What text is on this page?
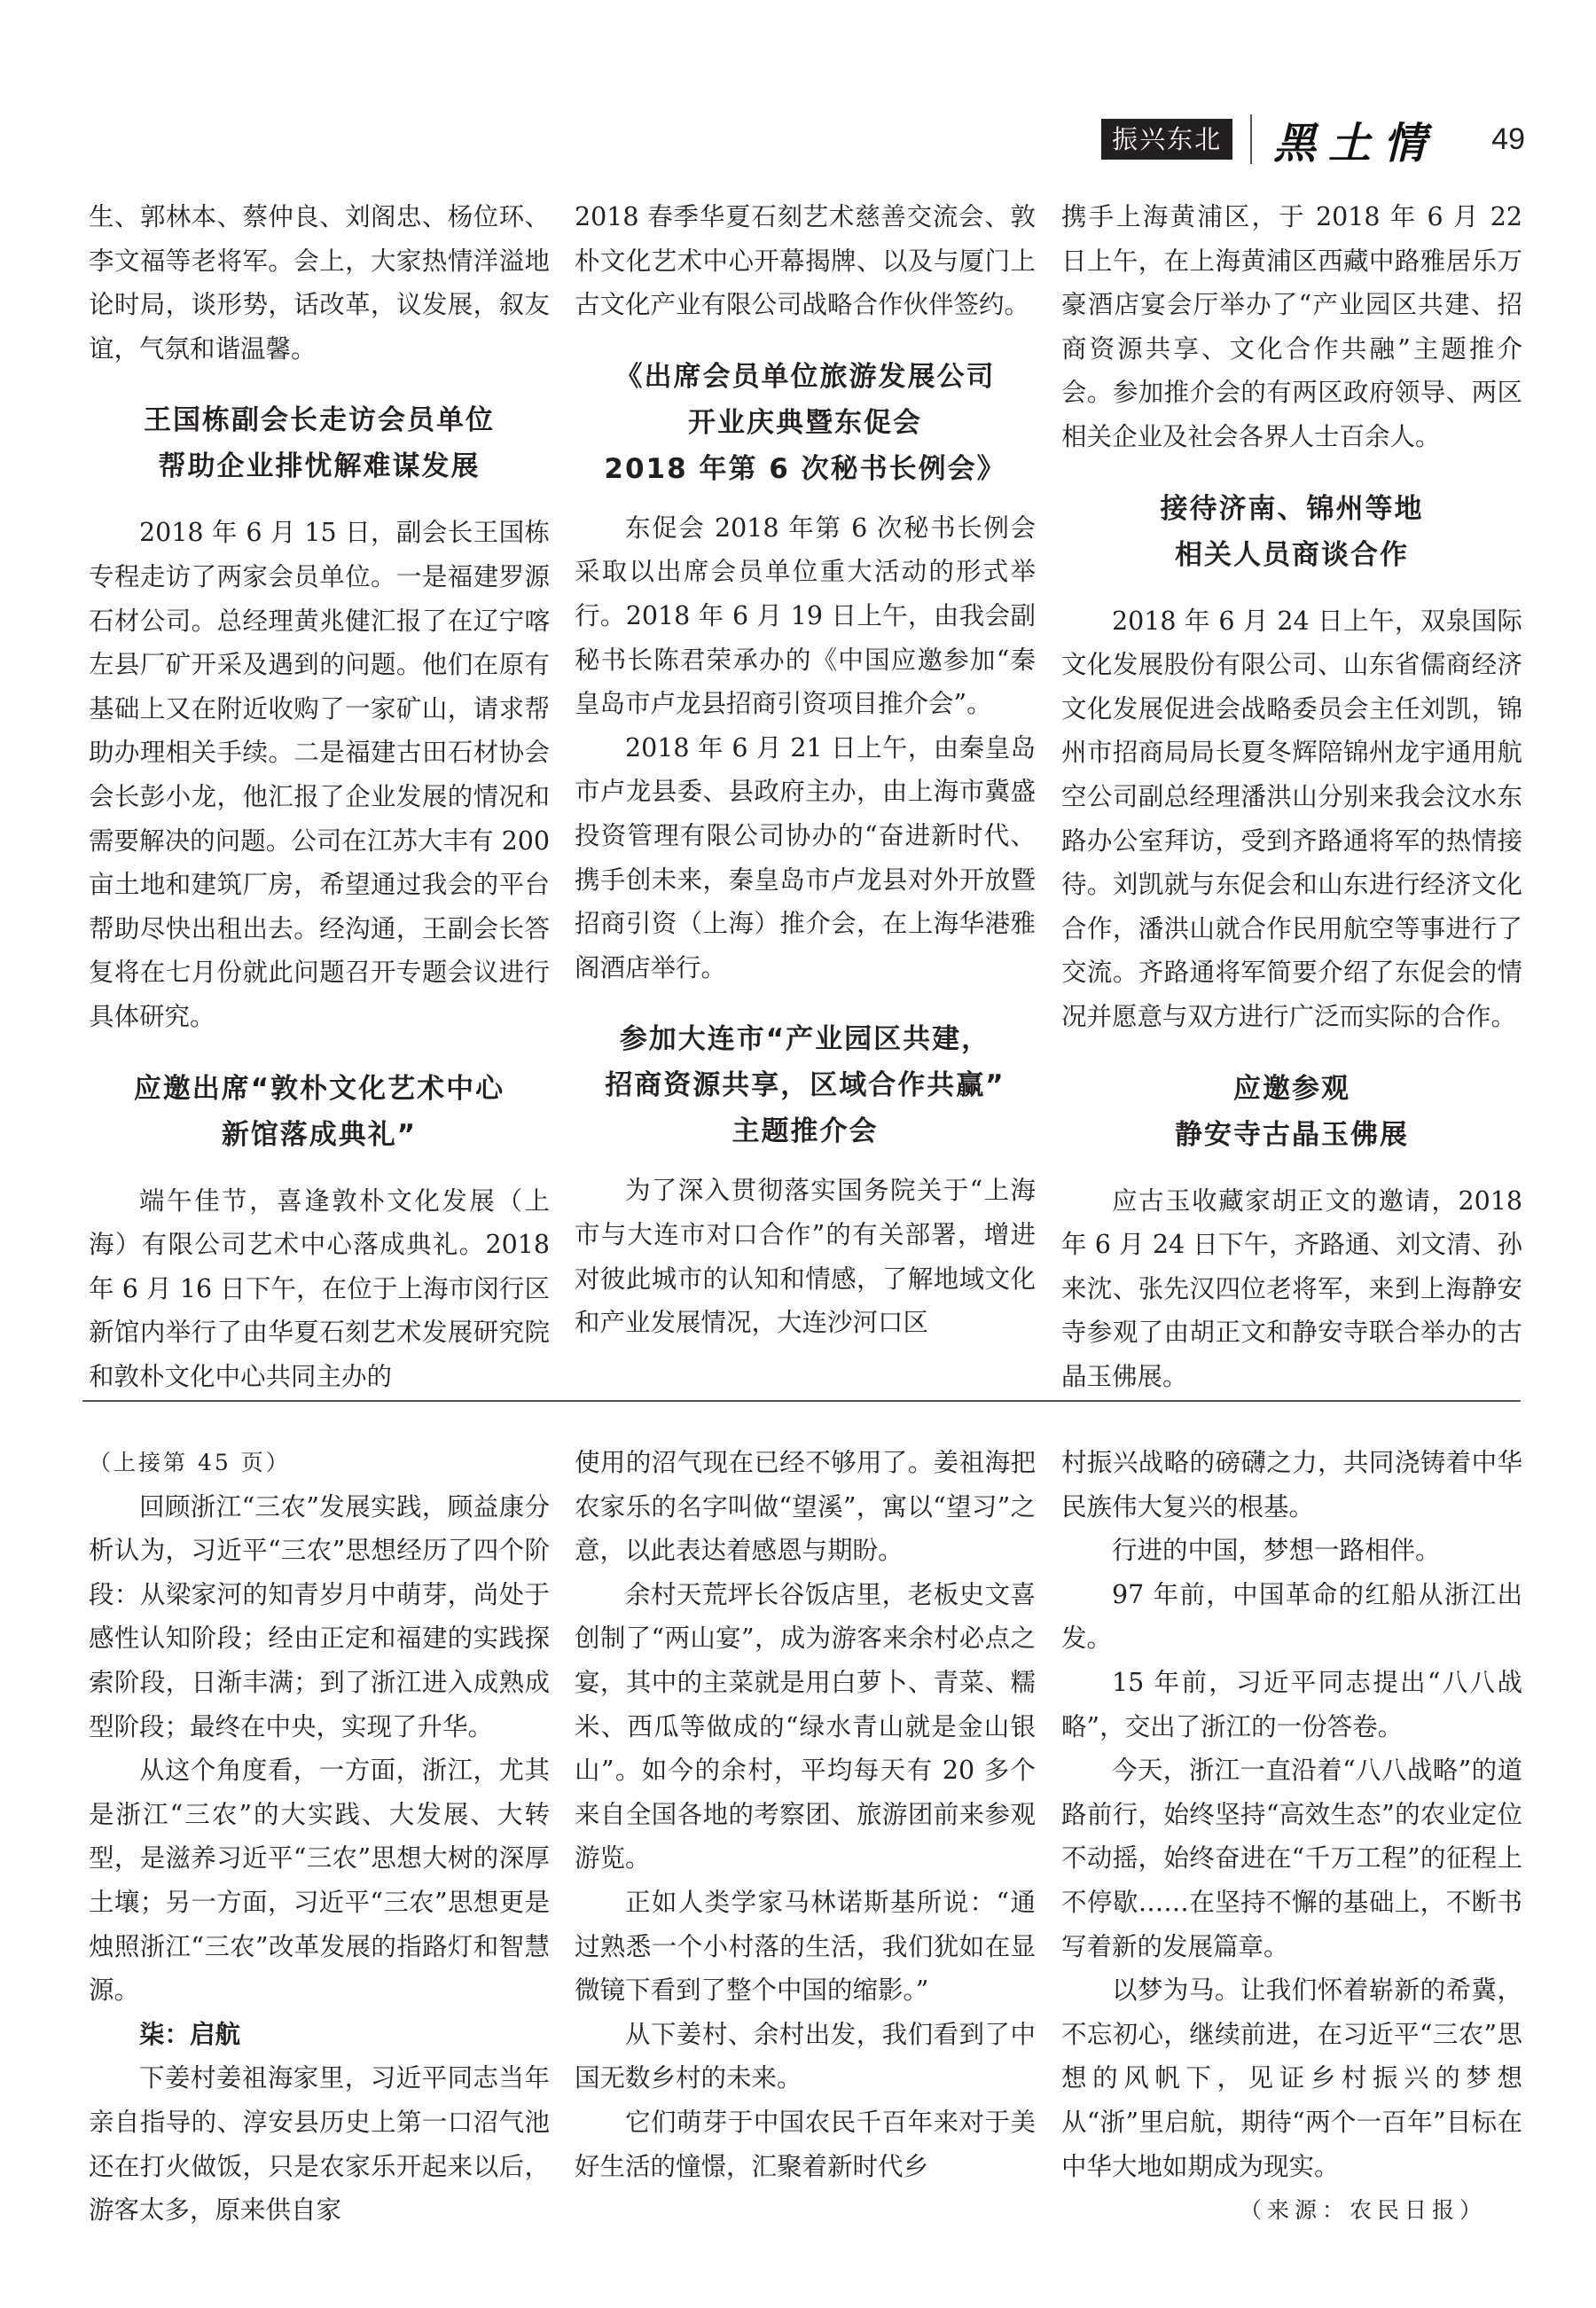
振兴东北 黑土情 49

生、郭林本、蔡仲良、刘阁忠、杨位环、李文福等老将军。会上，大家热情洋溢地论时局，谈形势，话改革，议发展，叙友谊，气氛和谐温馨。

王国栋副会长走访会员单位

帮助企业排忧解难谋发展

2018 年 6 月 15 日，副会长王国栋专程走访了两家会员单位。一是福建罗源石材公司。总经理黄兆健汇报了在辽宁喀左县厂矿开采及遇到的问题。他们在原有基础上又在附近收购了一家矿山，请求帮助办理相关手续。二是福建古田石材协会会长彭小龙，他汇报了企业发展的情况和需要解决的问题。公司在江苏大丰有 200 亩土地和建筑厂房，希望通过我会的平台帮助尽快出租出去。经沟通，王副会长答复将在七月份就此问题召开专题会议进行具体研究。

应邀出席“敦朴文化艺术中心

新馆落成典礼”

端午佳节，喜逢敦朴文化发展（上海）有限公司艺术中心落成典礼。2018 年 6 月 16 日下午，在位于上海市闵行区新馆内举行了由华夏石刻艺术发展研究院和敦朴文化中心共同主办的

2018 春季华夏石刻艺术慈善交流会、敦朴文化艺术中心开幕揭牌、以及与厦门上古文化产业有限公司战略合作伙伴签约。

《出席会员单位旅游发展公司

开业庆典暨东促会

2018 年第 6 次秘书长例会》

东促会 2018 年第 6 次秘书长例会采取以出席会员单位重大活动的形式举行。2018 年 6 月 19 日上午，由我会副秘书长陈君荣承办的《中国应邀参加“秦皇岛市卢龙县招商引资项目推介会”。

2018 年 6 月 21 日上午，由秦皇岛市卢龙县委、县政府主办，由上海市冀盛投资管理有限公司协办的“奋进新时代、携手创未来，秦皇岛市卢龙县对外开放暨招商引资（上海）推介会，在上海华港雅阁酒店举行。

参加大连市“产业园区共建，

招商资源共享，区域合作共赢”

主题推介会

为了深入贯彻落实国务院关于“上海市与大连市对口合作”的有关部署，增进对彼此城市的认知和情感，了解地域文化和产业发展情况，大连沙河口区

携手上海黄浦区，于 2018 年 6 月 22 日上午，在上海黄浦区西藏中路雅居乐万豪酒店宴会厅举办了“产业园区共建、招商资源共享、文化合作共融”主题推介会。参加推介会的有两区政府领导、两区相关企业及社会各界人士百余人。

接待济南、锦州等地

相关人员商谈合作

2018 年 6 月 24 日上午，双泉国际文化发展股份有限公司、山东省儒商经济文化发展促进会战略委员会主任刘凯，锦州市招商局局长夏冬辉陪锦州龙宇通用航空公司副总经理潘洪山分别来我会汶水东路办公室拜访，受到齐路通将军的热情接待。刘凯就与东促会和山东进行经济文化合作，潘洪山就合作民用航空等事进行了交流。齐路通将军简要介绍了东促会的情况并愿意与双方进行广泛而实际的合作。

应邀参观

静安寺古晶玉佛展

应古玉收藏家胡正文的邀请，2018 年 6 月 24 日下午，齐路通、刘文清、孙来沈、张先汉四位老将军，来到上海静安寺参观了由胡正文和静安寺联合举办的古晶玉佛展。

（上接第 45 页）

回顾浙江“三农”发展实践，顾益康分析认为，习近平“三农”思想经历了四个阶段：从梁家河的知青岁月中萌芽，尚处于感性认知阶段；经由正定和福建的实践探索阶段，日渐丰满；到了浙江进入成熟成型阶段；最终在中央，实现了升华。

从这个角度看，一方面，浙江，尤其是浙江“三农”的大实践、大发展、大转型，是滋养习近平“三农”思想大树的深厚土壤；另一方面，习近平“三农”思想更是烛照浙江“三农”改革发展的指路灯和智慧源。

柒：启航

下姜村姜祖海家里，习近平同志当年亲自指导的、淳安县历史上第一口沼气池还在打火做饭，只是农家乐开起来以后，游客太多，原来供自家

使用的沼气现在已经不够用了。姜祖海把农家乐的名字叫做“望溪”，寓以“望习”之意，以此表达着感恩与期盼。

余村天荒坪长谷饭店里，老板史文喜创制了“两山宴”，成为游客来余村必点之宴，其中的主菜就是用白萝卜、青菜、糯米、西瓜等做成的“绿水青山就是金山银山”。如今的余村，平均每天有 20 多个来自全国各地的考察团、旅游团前来参观游览。

正如人类学家马林诺斯基所说：“通过熟悉一个小村落的生活，我们犹如在显微镜下看到了整个中国的缩影。”

从下姜村、余村出发，我们看到了中国无数乡村的未来。

它们萌芽于中国农民千百年来对于美好生活的憧憬，汇聚着新时代乡

村振兴战略的磅礴之力，共同浇铸着中华民族伟大复兴的根基。

行进的中国，梦想一路相伴。

97 年前，中国革命的红船从浙江出发。

15 年前，习近平同志提出“八八战略”，交出了浙江的一份答卷。

今天，浙江一直沿着“八八战略”的道路前行，始终坚持“高效生态”的农业定位不动摇，始终奋进在“千万工程”的征程上不停歇……在坚持不懈的基础上，不断书写着新的发展篇章。

以梦为马。让我们怀着崭新的希冀，不忘初心，继续前进，在习近平“三农”思想的风帆下，见证乡村振兴的梦想从“浙”里启航，期待“两个一百年”目标在中华大地如期成为现实。

（来源：农民日报）
